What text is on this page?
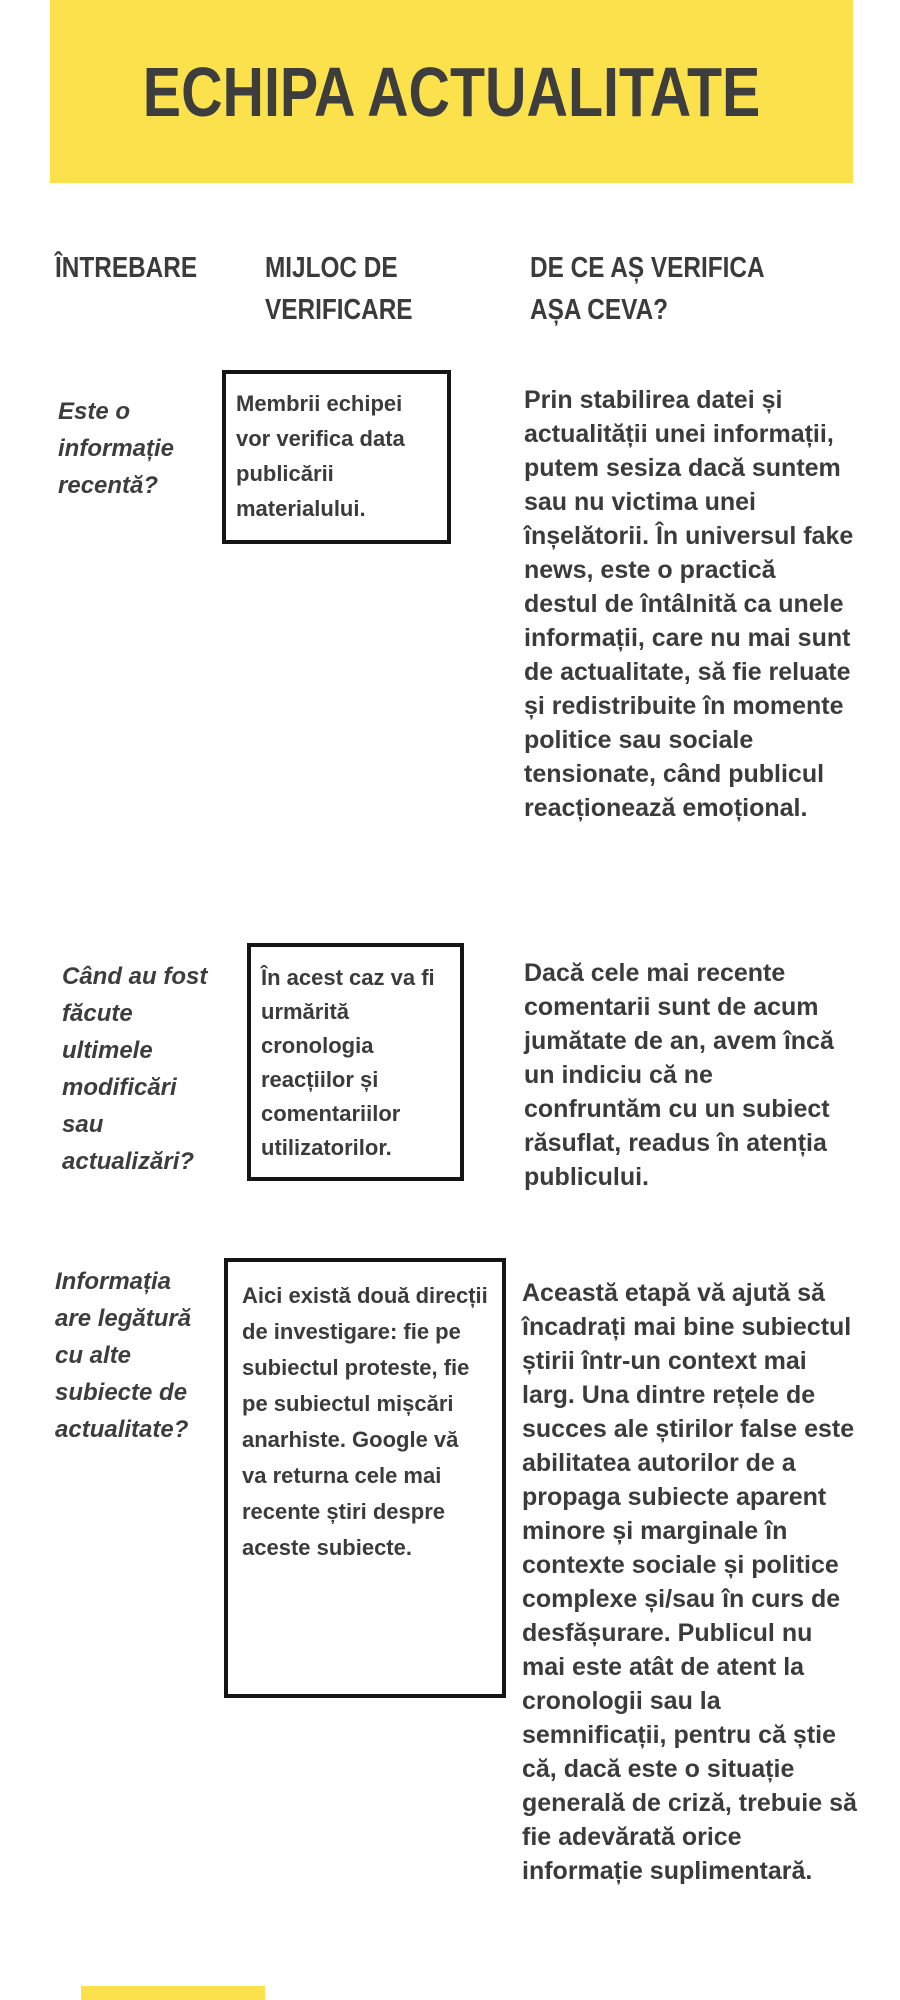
ECHIPA ACTUALITATE
ÎNTREBARE	MIJLOC DE VERIFICARE
DE CE AȘ VERIFICA AȘA CEVA?
Este o informație recentă?
Membrii echipei vor verifica data publicării materialului.
Prin stabilirea datei și actualității unei informații, putem sesiza dacă suntem sau nu victima unei înșelătorii. În universul fake news, este o practică destul de întâlnită ca unele informații, care nu mai sunt de actualitate, să fie reluate și redistribuite în momente politice sau sociale tensionate, când publicul reacționează emoțional.
Când au fost făcute ultimele modificări sau actualizări?
În acest caz va fi urmărită cronologia reacțiilor și comentariilor utilizatorilor.
Dacă cele mai recente comentarii sunt de acum jumătate de an, avem încă un indiciu că ne confruntăm cu un subiect răsuflat, readus în atenția publicului.
Informația are legătură cu alte subiecte de actualitate?
Aici există două direcții de investigare: fie pe subiectul proteste, fie pe subiectul mișcări anarhiste. Google vă va returna cele mai recente știri despre aceste subiecte.
Această etapă vă ajută să încadrați mai bine subiectul știrii într-un context mai larg. Una dintre rețele de succes ale știrilor false este abilitatea autorilor de a propaga subiecte aparent minore și marginale în contexte sociale și politice complexe și/sau în curs de desfășurare. Publicul nu mai este atât de atent la cronologii sau la semnificații, pentru că știe că, dacă este o situație generală de criză, trebuie să fie adevărată orice informație suplimentară.
